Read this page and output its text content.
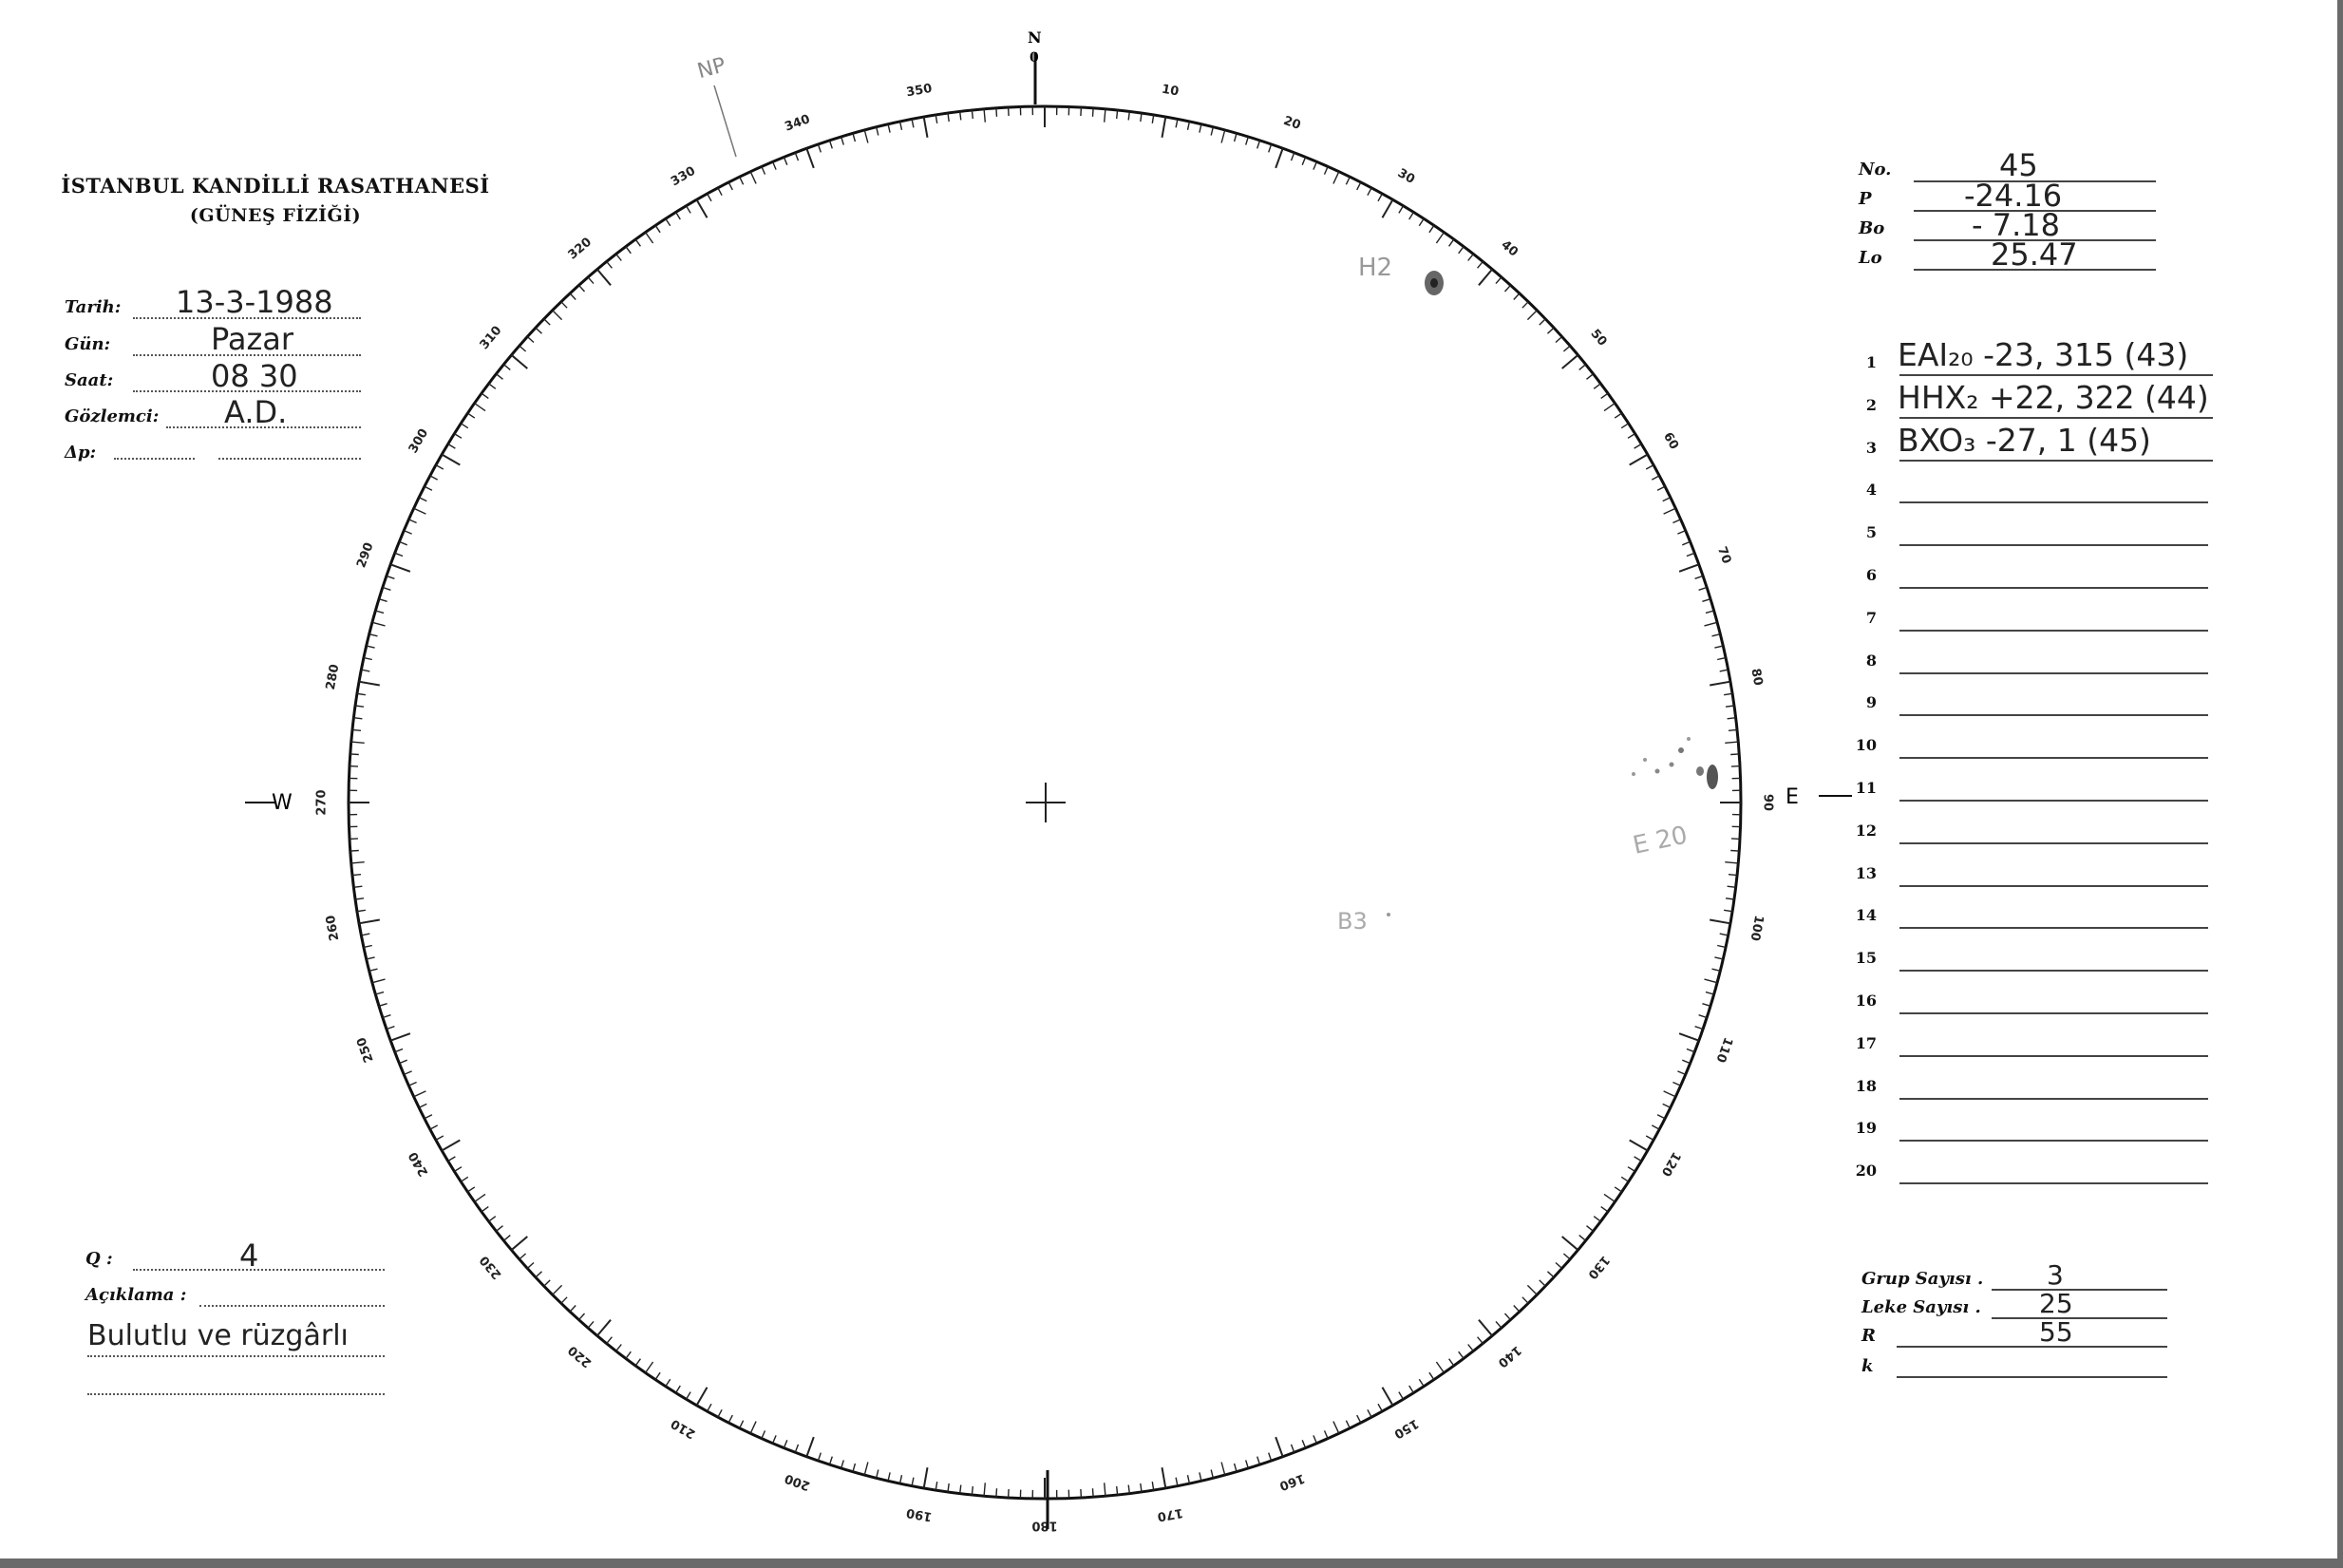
İSTANBUL KANDİLLİ RASATHANESİ
(GÜNEŞ FİZİĞİ)
Tarih: 13-3-1988
Gün:	Pazar
Saat:	08 30
Gözlemci: A.D.
Δp:
Q :	4
Açıklama :
Bulutlu ve rüzgârlı
No.	45
P	-24.16
Bo	- 7.18
Lo	25.47
1 EAI₂₀ -23, 315 (43)
2 HHX₂ +22, 322 (44)
3 BXO₃ -27, 1 (45)
4
5
6
7
8
9
10
11
12
13
14
15
16
17
18
19
20
Grup Sayısı . 3
Leke Sayısı . 25
R	55
k
10
20
30
40
50
60
70
80
90
100
110
120
130
140
150
160
170
180
190
200
210
220
230
240
250
260
270
280
290
300
310
320
330
340
350
N
0
W	E
NP
H2
E 20
B3
